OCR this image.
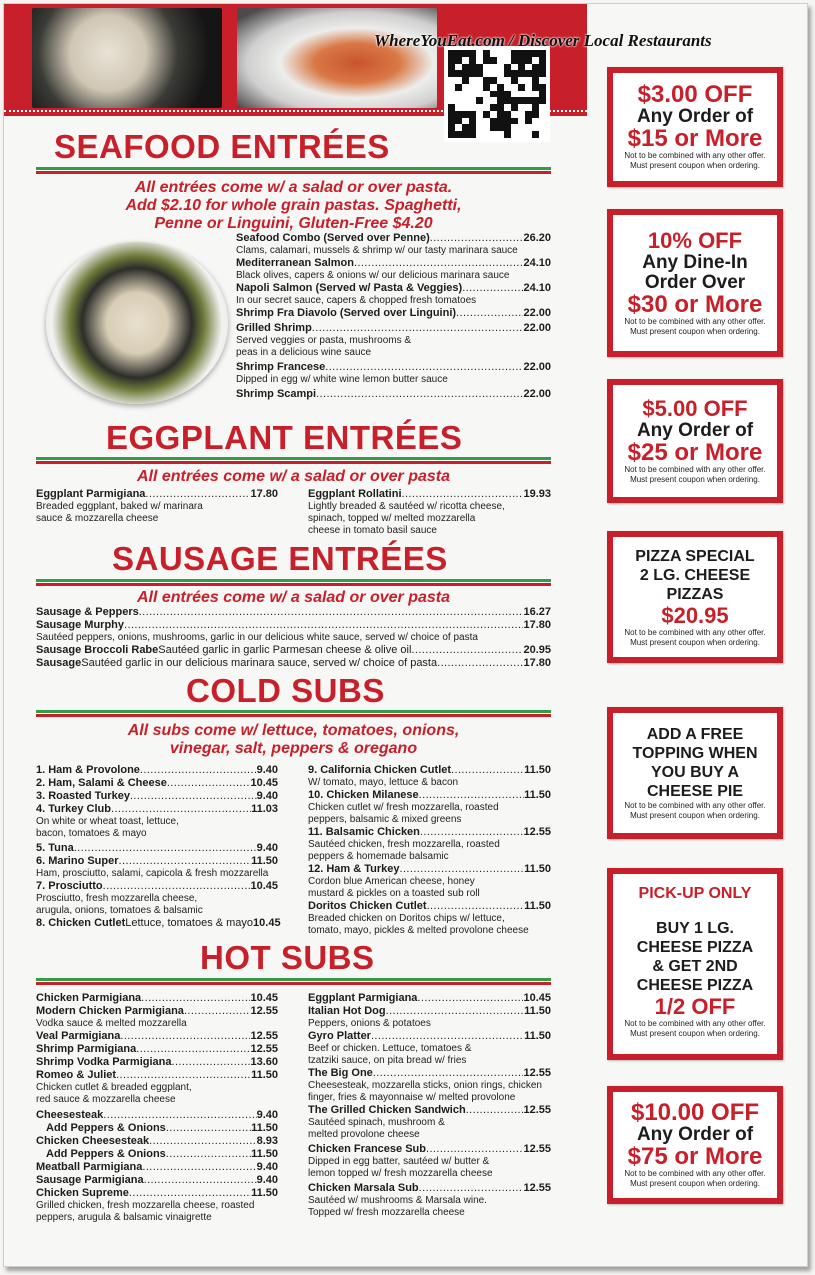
WhereYouEat.com / Discover Local Restaurants
SEAFOOD ENTRÉES
All entrées come w/ a salad or over pasta.
Add $2.10 for whole grain pastas. Spaghetti,
Penne or Linguini, Gluten-Free $4.20
Seafood Combo (Served over Penne) .....	26.20
Clams, calamari, mussels & shrimp w/ our tasty marinara sauce
Mediterranean Salmon .....	24.10
Black olives, capers & onions w/ our delicious marinara sauce
Napoli Salmon (Served w/ Pasta & Veggies) .....	24.10
In our secret sauce, capers & chopped fresh tomatoes
Shrimp Fra Diavolo (Served over Linguini) .....	22.00
Grilled Shrimp .....	22.00
Served veggies or pasta, mushrooms &
peas in a delicious wine sauce
Shrimp Francese .....	22.00
Dipped in egg w/ white wine lemon butter sauce
Shrimp Scampi .....	22.00
EGGPLANT ENTRÉES
All entrées come w/ a salad or over pasta
Eggplant Parmigiana .....	17.80
Breaded eggplant, baked w/ marinara
sauce & mozzarella cheese
Eggplant Rollatini .....	19.93
Lightly breaded & sautéed w/ ricotta cheese,
spinach, topped w/ melted mozzarella
cheese in tomato basil sauce
SAUSAGE ENTRÉES
All entrées come w/ a salad or over pasta
Sausage & Peppers .....	16.27
Sausage Murphy .....	17.80
Sautéed peppers, onions, mushrooms, garlic in our delicious white sauce, served w/ choice of pasta
Sausage Broccoli Rabe Sautéed garlic in garlic Parmesan cheese & olive oil .....	20.95
Sausage Sautéed garlic in our delicious marinara sauce, served w/ choice of pasta .....	17.80
COLD SUBS
All subs come w/ lettuce, tomatoes, onions,
vinegar, salt, peppers & oregano
1. Ham & Provolone .....	9.40
2. Ham, Salami & Cheese .....	10.45
3. Roasted Turkey .....	9.40
4. Turkey Club .....	11.03
On white or wheat toast, lettuce,
bacon, tomatoes & mayo
5. Tuna .....	9.40
6. Marino Super .....	11.50
Ham, prosciutto, salami, capicola & fresh mozzarella
7. Prosciutto .....	10.45
Prosciutto, fresh mozzarella cheese,
arugula, onions, tomatoes & balsamic
8. Chicken Cutlet Lettuce, tomatoes & mayo 10.45
9. California Chicken Cutlet .....	11.50
W/ tomato, mayo, lettuce & bacon
10. Chicken Milanese .....	11.50
Chicken cutlet w/ fresh mozzarella, roasted
peppers, balsamic & mixed greens
11. Balsamic Chicken .....	12.55
Sautéed chicken, fresh mozzarella, roasted
peppers & homemade balsamic
12. Ham & Turkey .....	11.50
Cordon blue American cheese, honey
mustard & pickles on a toasted sub roll
Doritos Chicken Cutlet .....	11.50
Breaded chicken on Doritos chips w/ lettuce,
tomato, mayo, pickles & melted provolone cheese
HOT SUBS
Chicken Parmigiana .....	10.45
Modern Chicken Parmigiana .....	12.55
Vodka sauce & melted mozzarella
Veal Parmigiana .....	12.55
Shrimp Parmigiana .....	12.55
Shrimp Vodka Parmigiana .....	13.60
Romeo & Juliet .....	11.50
Chicken cutlet & breaded eggplant,
red sauce & mozzarella cheese
Cheesesteak .....	9.40
Add Peppers & Onions .....	11.50
Chicken Cheesesteak .....	8.93
Add Peppers & Onions .....	11.50
Meatball Parmigiana .....	9.40
Sausage Parmigiana .....	9.40
Chicken Supreme .....	11.50
Grilled chicken, fresh mozzarella cheese, roasted
peppers, arugula & balsamic vinaigrette
Eggplant Parmigiana .....	10.45
Italian Hot Dog .....	11.50
Peppers, onions & potatoes
Gyro Platter .....	11.50
Beef or chicken. Lettuce, tomatoes &
tzatziki sauce, on pita bread w/ fries
The Big One .....	12.55
Cheesesteak, mozzarella sticks, onion rings, chicken
finger, fries & mayonnaise w/ melted provolone
The Grilled Chicken Sandwich .....	12.55
Sautéed spinach, mushroom &
melted provolone cheese
Chicken Francese Sub .....	12.55
Dipped in egg batter, sautéed w/ butter &
lemon topped w/ fresh mozzarella cheese
Chicken Marsala Sub .....	12.55
Sautéed w/ mushrooms & Marsala wine.
Topped w/ fresh mozzarella cheese
$3.00 OFF
Any Order of
$15 or More
Not to be combined with any other offer.
Must present coupon when ordering.
10% OFF
Any Dine-In
Order Over
$30 or More
Not to be combined with any other offer.
Must present coupon when ordering.
$5.00 OFF
Any Order of
$25 or More
Not to be combined with any other offer.
Must present coupon when ordering.
PIZZA SPECIAL
2 LG. CHEESE
PIZZAS
$20.95
Not to be combined with any other offer.
Must present coupon when ordering.
ADD A FREE
TOPPING WHEN
YOU BUY A
CHEESE PIE
Not to be combined with any other offer.
Must present coupon when ordering.
PICK-UP ONLY
BUY 1 LG.
CHEESE PIZZA
& GET 2ND
CHEESE PIZZA
1/2 OFF
Not to be combined with any other offer.
Must present coupon when ordering.
$10.00 OFF
Any Order of
$75 or More
Not to be combined with any other offer.
Must present coupon when ordering.
